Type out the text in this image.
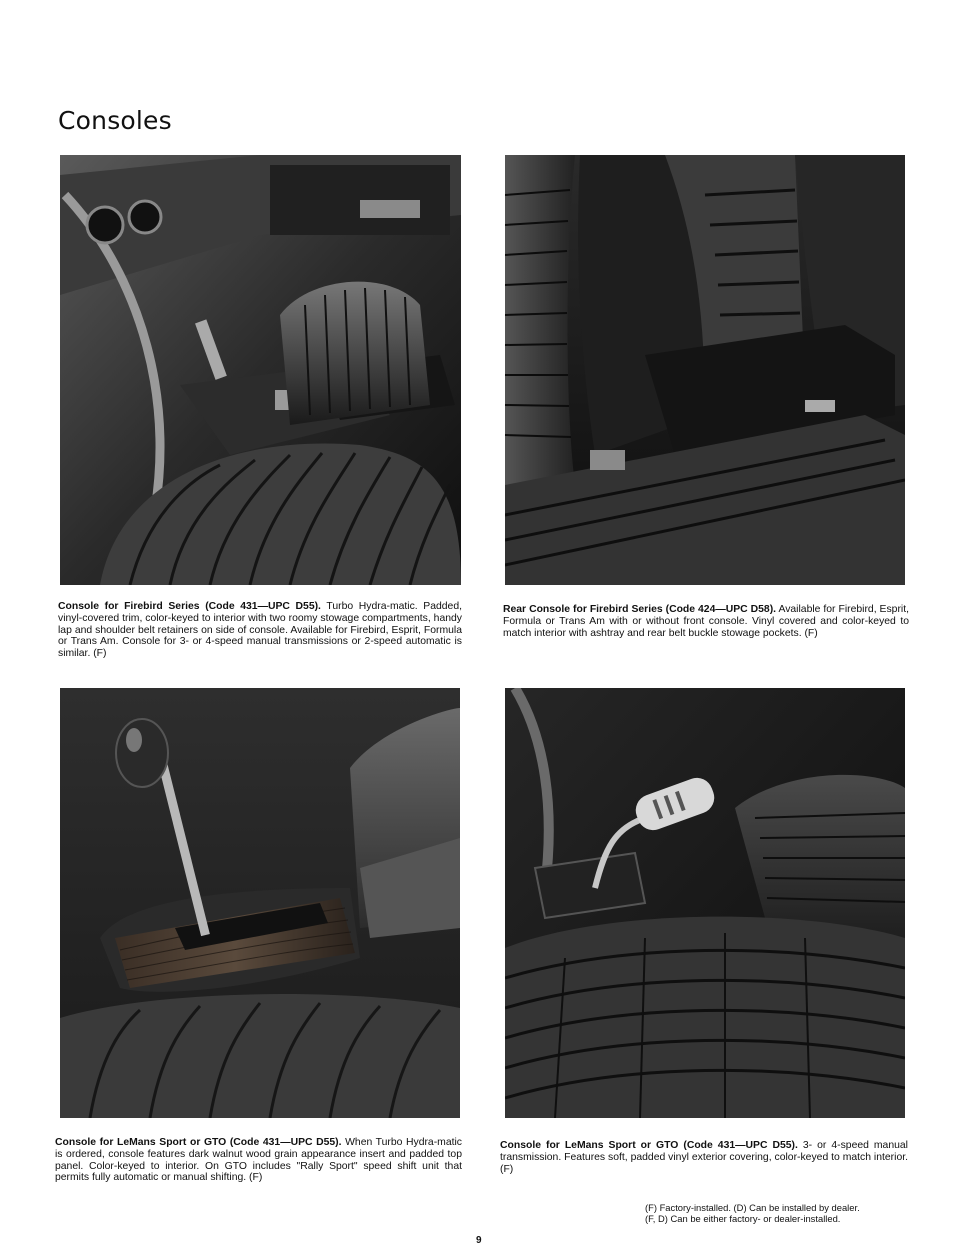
Consoles

Console for Firebird Series (Code 431—UPC D55). Turbo Hydra-matic. Padded, vinyl-covered trim, color-keyed to interior with two roomy stowage compartments, handy lap and shoulder belt retainers on side of console. Available for Firebird, Esprit, Formula or Trans Am. Console for 3- or 4-speed manual transmissions or 2-speed automatic is similar. (F)

Rear Console for Firebird Series (Code 424—UPC D58). Available for Firebird, Esprit, Formula or Trans Am with or without front console. Vinyl covered and color-keyed to match interior with ashtray and rear belt buckle stowage pockets. (F)

Console for LeMans Sport or GTO (Code 431—UPC D55). When Turbo Hydra-matic is ordered, console features dark walnut wood grain appearance insert and padded top panel. Color-keyed to interior. On GTO includes "Rally Sport" speed shift unit that permits fully automatic or manual shifting. (F)

Console for LeMans Sport or GTO (Code 431—UPC D55). 3- or 4-speed manual transmission. Features soft, padded vinyl exterior covering, color-keyed to match interior. (F)

(F) Factory-installed. (D) Can be installed by dealer.
(F, D) Can be either factory- or dealer-installed.
9
